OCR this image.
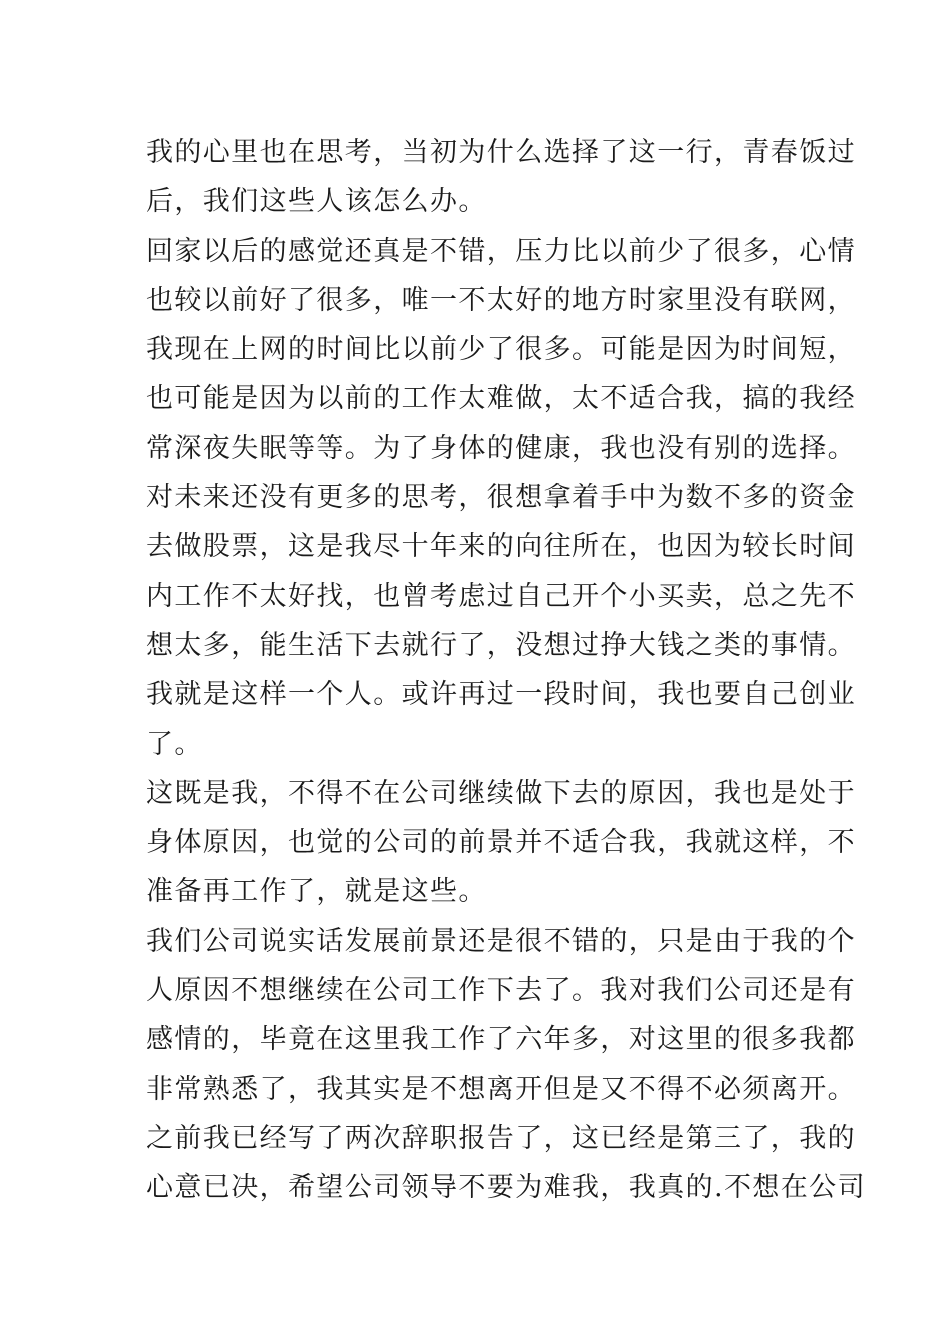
我的心里也在思考，当初为什么选择了这一行，青春饭过
后，我们这些人该怎么办。
回家以后的感觉还真是不错，压力比以前少了很多，心情
也较以前好了很多，唯一不太好的地方时家里没有联网，
我现在上网的时间比以前少了很多。可能是因为时间短，
也可能是因为以前的工作太难做，太不适合我，搞的我经
常深夜失眠等等。为了身体的健康，我也没有别的选择。
对未来还没有更多的思考，很想拿着手中为数不多的资金
去做股票，这是我尽十年来的向往所在，也因为较长时间
内工作不太好找，也曾考虑过自己开个小买卖，总之先不
想太多，能生活下去就行了，没想过挣大钱之类的事情。
我就是这样一个人。或许再过一段时间，我也要自己创业
了。
这既是我，不得不在公司继续做下去的原因，我也是处于
身体原因，也觉的公司的前景并不适合我，我就这样，不
准备再工作了，就是这些。
我们公司说实话发展前景还是很不错的，只是由于我的个
人原因不想继续在公司工作下去了。我对我们公司还是有
感情的，毕竟在这里我工作了六年多，对这里的很多我都
非常熟悉了，我其实是不想离开但是又不得不必须离开。
之前我已经写了两次辞职报告了，这已经是第三了，我的
心意已决，希望公司领导不要为难我，我真的.不想在公司
